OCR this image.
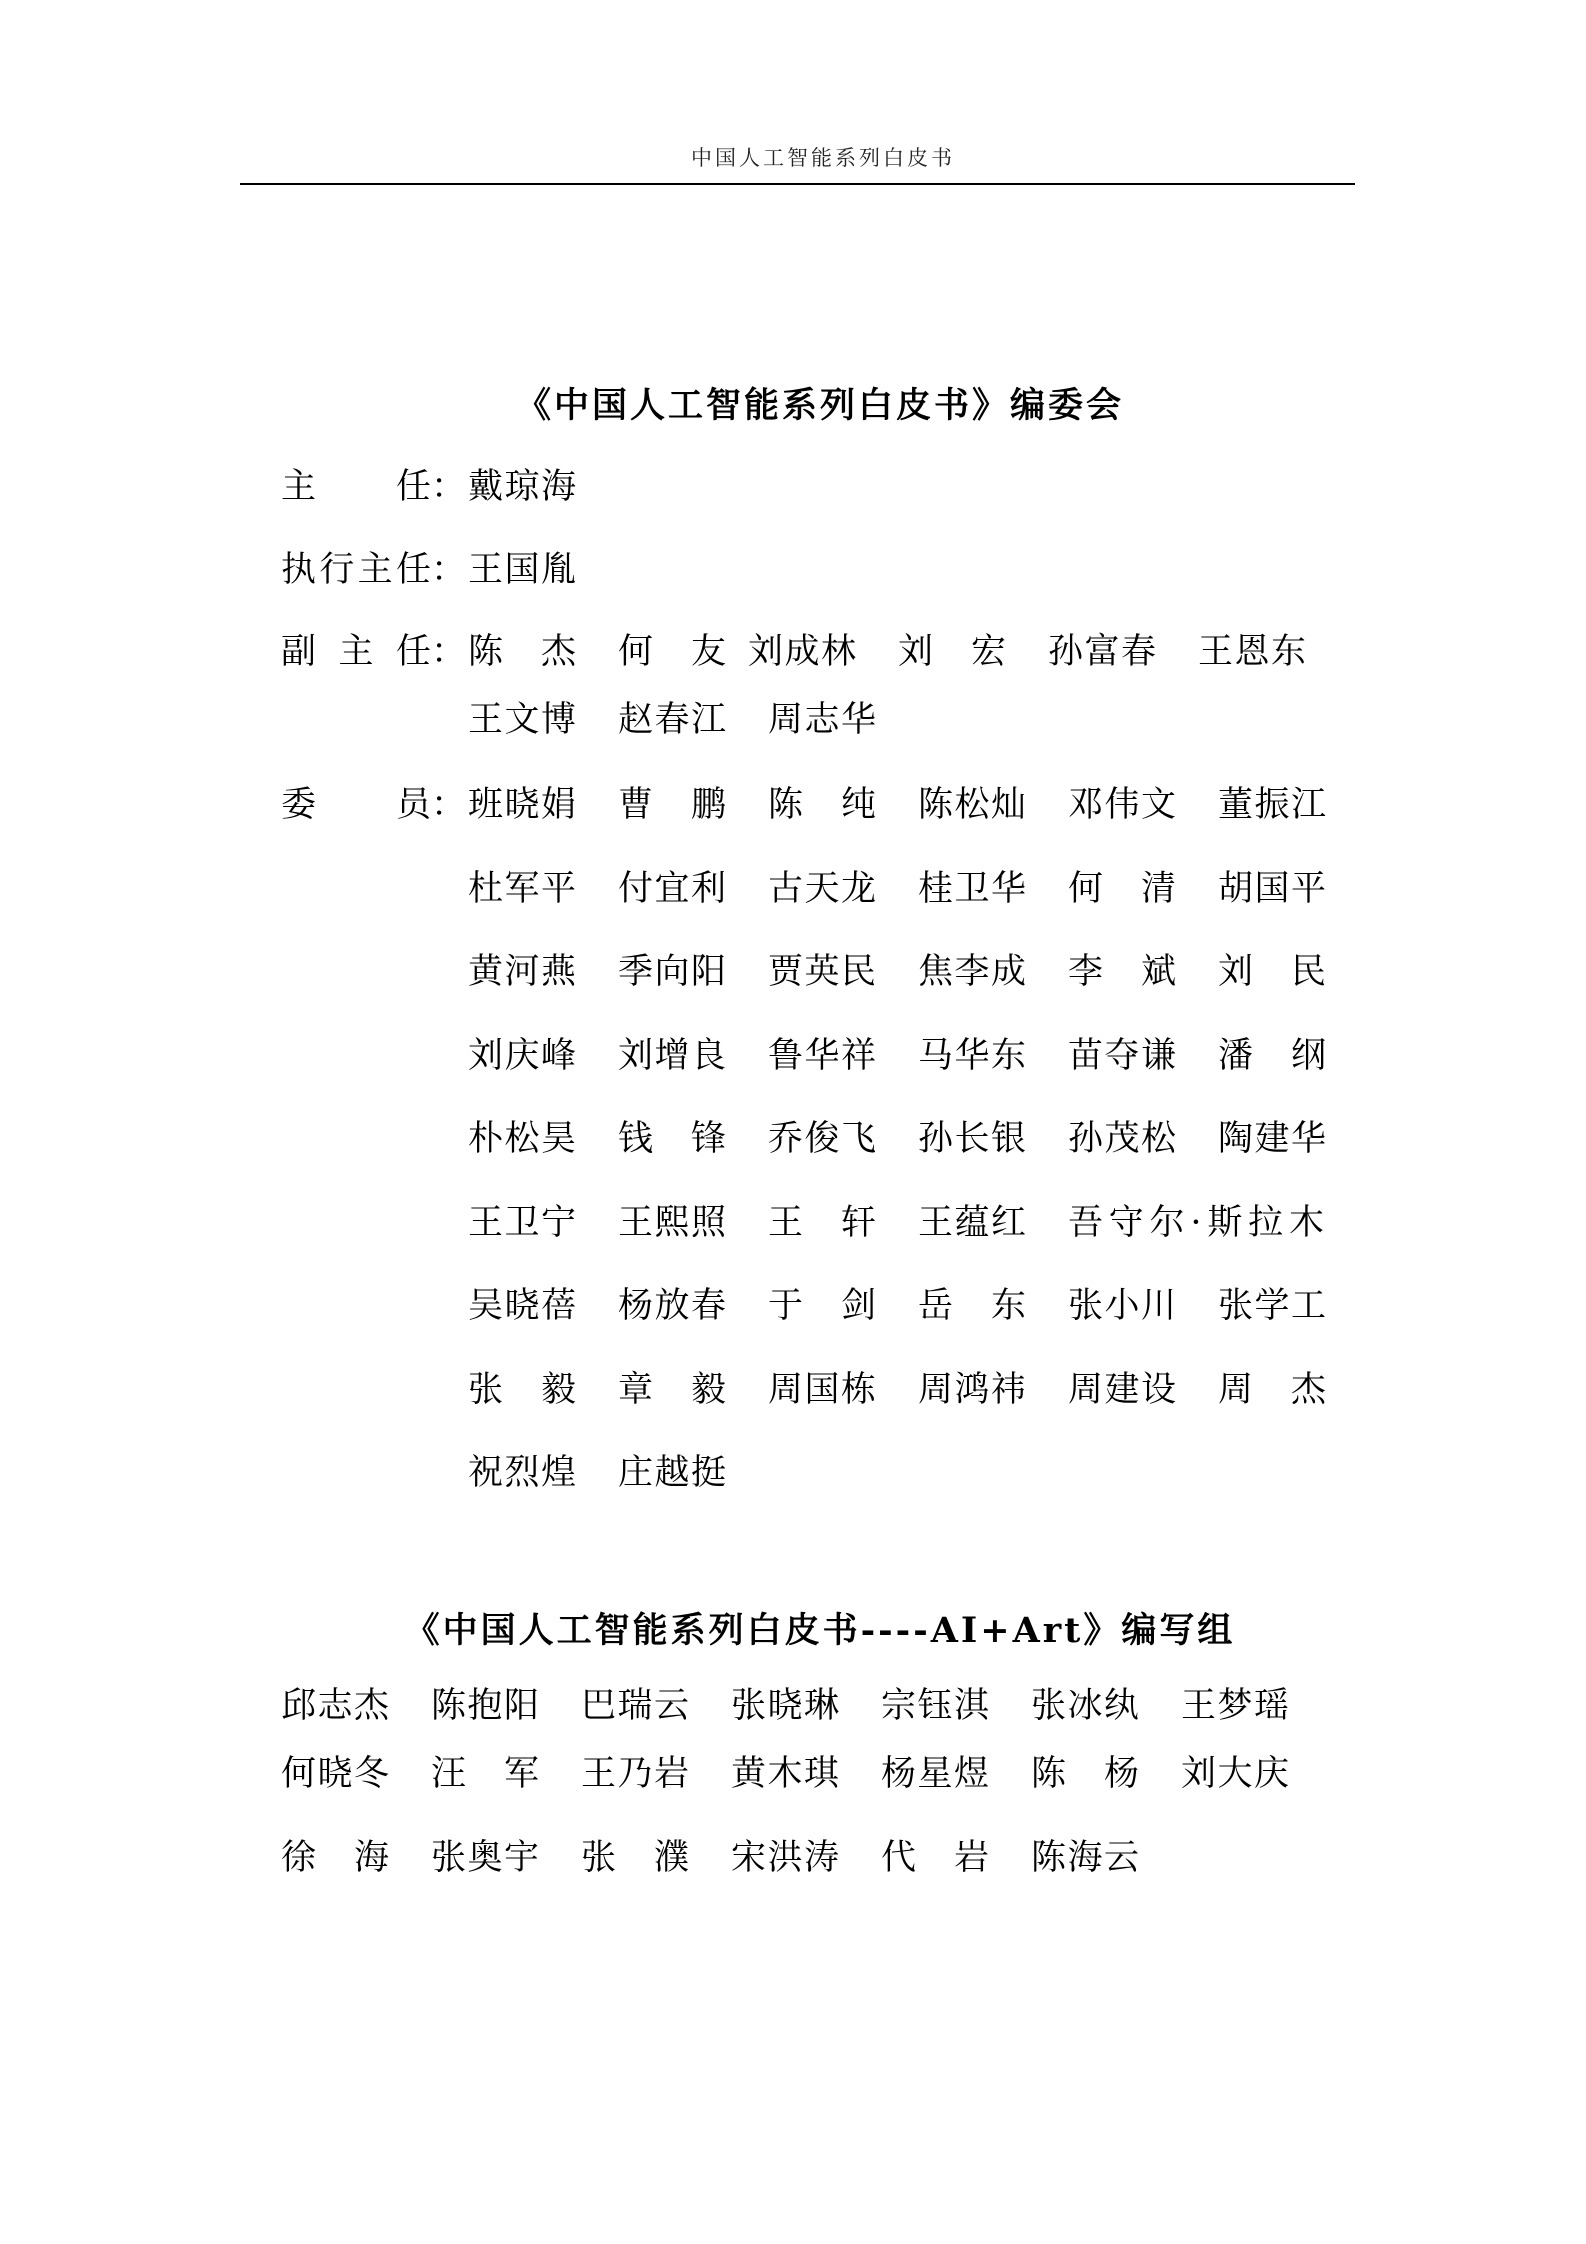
中国人工智能系列白皮书
《中国人工智能系列白皮书》编委会
主任 ： 戴琼海
执行主任 ： 王国胤
副主任 ： 陈杰 何友 刘成林 刘宏 孙富春 王恩东
王文博 赵春江 周志华
委员 ： 班晓娟 曹鹏 陈纯 陈松灿 邓伟文 董振江
杜军平 付宜利 古天龙 桂卫华 何清 胡国平
黄河燕 季向阳 贾英民 焦李成 李斌 刘民
刘庆峰 刘增良 鲁华祥 马华东 苗夺谦 潘纲
朴松昊 钱锋 乔俊飞 孙长银 孙茂松 陶建华
王卫宁 王熙照 王轩 王蕴红 吾守尔·斯拉木
吴晓蓓 杨放春 于剑 岳东 张小川 张学工
张毅 章毅 周国栋 周鸿祎 周建设 周杰
祝烈煌 庄越挺
《中国人工智能系列白皮书----AI+Art》编写组
邱志杰 陈抱阳 巴瑞云 张晓琳 宗钰淇 张冰纨 王梦瑶
何晓冬 汪军 王乃岩 黄木琪 杨星煜 陈杨 刘大庆
徐海 张奥宇 张濮 宋洪涛 代岩 陈海云
